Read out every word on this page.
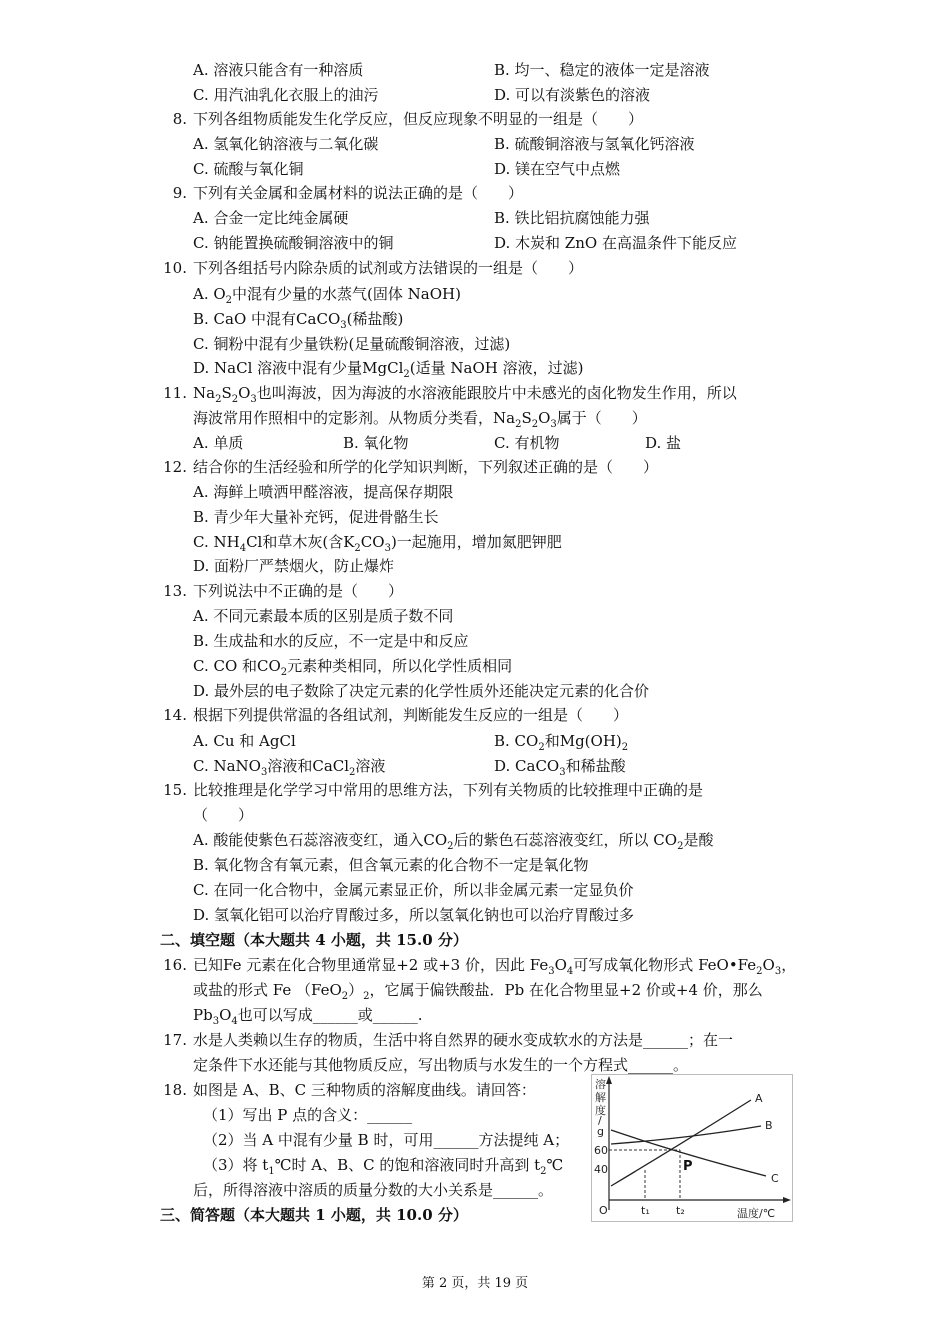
A. 溶液只能含有一种溶质	B. 均一、稳定的液体一定是溶液
C. 用汽油乳化衣服上的油污	D. 可以有淡紫色的溶液
8. 下列各组物质能发生化学反应，但反应现象不明显的一组是（　　）
A. 氢氧化钠溶液与二氧化碳	B. 硫酸铜溶液与氢氧化钙溶液
C. 硫酸与氧化铜	D. 镁在空气中点燃
9. 下列有关金属和金属材料的说法正确的是（　　）
A. 合金一定比纯金属硬	B. 铁比铝抗腐蚀能力强
C. 钠能置换硫酸铜溶液中的铜	D. 木炭和 ZnO 在高温条件下能反应
10. 下列各组括号内除杂质的试剂或方法错误的一组是（　　）
A. $O_2$中混有少量的水蒸气(固体 NaOH)
B. CaO 中混有CaCO$_3$(稀盐酸)
C. 铜粉中混有少量铁粉(足量硫酸铜溶液，过滤)
D. NaCl 溶液中混有少量MgCl$_2$(适量 NaOH 溶液，过滤)
11. $Na_2S_2O_3$也叫海波，因为海波的水溶液能跟胶片中未感光的卤化物发生作用，所以
海波常用作照相中的定影剂。从物质分类看，$Na_2S_2O_3$属于（　　）
A. 单质	B. 氧化物	C. 有机物	D. 盐
12. 结合你的生活经验和所学的化学知识判断，下列叙述正确的是（　　）
A. 海鲜上喷洒甲醛溶液，提高保存期限
B. 青少年大量补充钙，促进骨骼生长
C. $NH_4Cl$和草木灰(含$K_2CO_3$)一起施用，增加氮肥钾肥
D. 面粉厂严禁烟火，防止爆炸
13. 下列说法中不正确的是（　　）
A. 不同元素最本质的区别是质子数不同
B. 生成盐和水的反应，不一定是中和反应
C. CO 和$CO_2$元素种类相同，所以化学性质相同
D. 最外层的电子数除了决定元素的化学性质外还能决定元素的化合价
14. 根据下列提供常温的各组试剂，判断能发生反应的一组是（　　）
A. Cu 和 AgCl	B. $CO_2$和$Mg(OH)_2$
C. NaNO$_3$溶液和CaCl$_2$溶液	D. CaCO$_3$和稀盐酸
15. 比较推理是化学学习中常用的思维方法，下列有关物质的比较推理中正确的是
（　　）
A. 酸能使紫色石蕊溶液变红，通入$CO_2$后的紫色石蕊溶液变红，所以 $CO_2$是酸
B. 氧化物含有氧元素，但含氧元素的化合物不一定是氧化物
C. 在同一化合物中，金属元素显正价，所以非金属元素一定显负价
D. 氢氧化铝可以治疗胃酸过多，所以氢氧化钠也可以治疗胃酸过多
二、填空题（本大题共 4 小题，共 15.0 分）
16. 已知Fe 元素在化合物里通常显+2 或+3 价，因此 $Fe_3O_4$可写成氧化物形式 $FeO•Fe_2O_3$，
或盐的形式 Fe $(FeO_2)_2$，它属于偏铁酸盐．Pb 在化合物里显+2 价或+4 价，那么
$Pb_3O_4$也可以写成______或______.
17. 水是人类赖以生存的物质，生活中将自然界的硬水变成软水的方法是______；在一
定条件下水还能与其他物质反应，写出物质与水发生的一个方程式______。
18. 如图是 A、B、C 三种物质的溶解度曲线。请回答：
（1）写出 P 点的含义：______
（2）当 A 中混有少量 B 时，可用______方法提纯 A；
（3）将 $t_1℃$时 A、B、C 的饱和溶液同时升高到 $t_2℃$
后，所得溶液中溶质的质量分数的大小关系是______。
三、简答题（本大题共 1 小题，共 10.0 分）
溶
解
度
/
g
60
40
O	t₁ t₂	温度/℃
A
B
C
P
第 2 页，共 19 页
